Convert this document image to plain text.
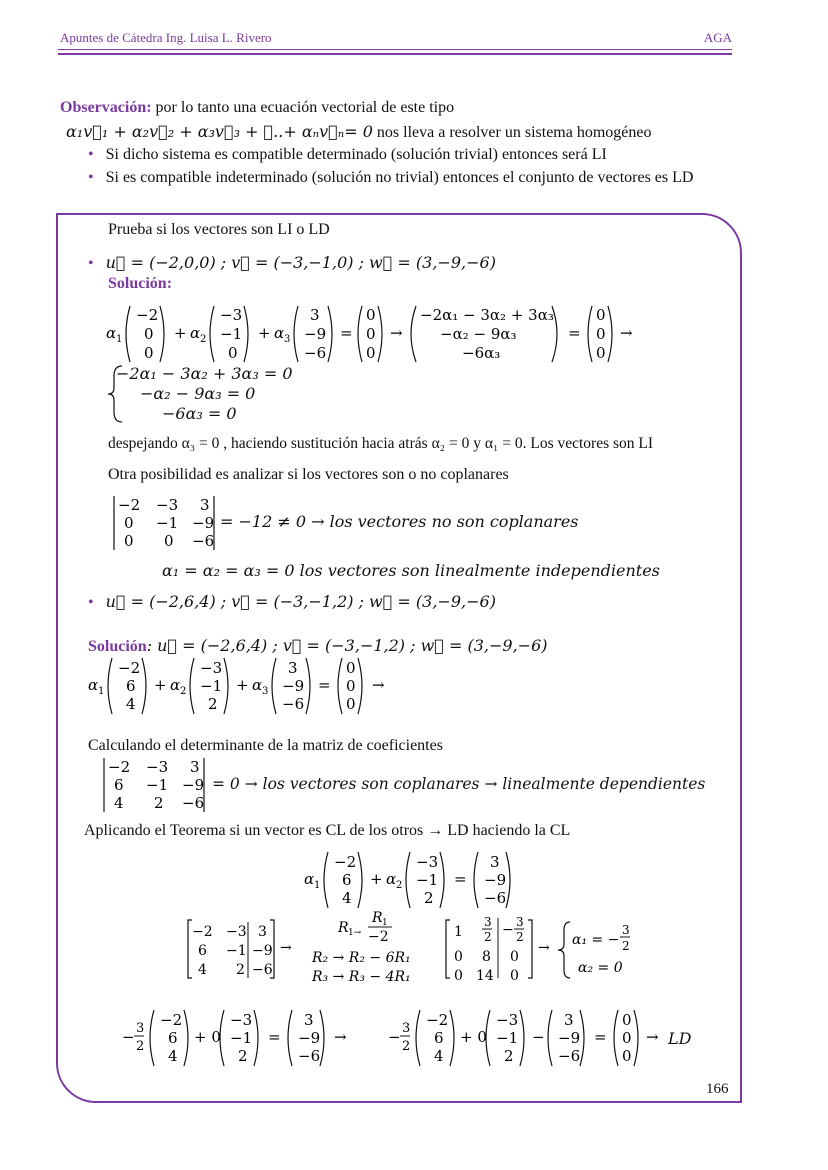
Apuntes de Cátedra Ing. Luisa L. Rivero	AGA
Observación: por lo tanto una ecuación vectorial de este tipo
α₁v⃗₁ + α₂v⃗₂ + α₃v⃗₃ + ⋯..+ αₙv⃗ₙ= 0 nos lleva a resolver un sistema homogéneo
• Si dicho sistema es compatible determinado (solución trivial) entonces será LI
• Si es compatible indeterminado (solución no trivial) entonces el conjunto de vectores es LD
Prueba si los vectores son LI o LD
• u⃗ = (−2,0,0) ; v⃗ = (−3,−1,0) ; w⃗ = (3,−9,−6)
Solución:
α 1
−2
0
0
+ α 2
−3
−1
0
+ α 3
3
−9
−6
=
0
0
0
→
−2α₁ − 3α₂ + 3α₃
−α₂ − 9α₃
−6α₃
=
0
0
0
→
−2α₁ − 3α₂ + 3α₃ = 0
−α₂ − 9α₃ = 0
−6α₃ = 0
despejando α₃ = 0 , haciendo sustitución hacia atrás α₂ = 0 y α₁ = 0. Los vectores son LI
Otra posibilidad es analizar si los vectores son o no coplanares
−2 −3 3
0 −1 −9
0 0 −6
= −12 ≠ 0 → los vectores no son coplanares
α₁ = α₂ = α₃ = 0 los vectores son linealmente independientes
• u⃗ = (−2,6,4) ; v⃗ = (−3,−1,2) ; w⃗ = (3,−9,−6)
Solución: u⃗ = (−2,6,4) ; v⃗ = (−3,−1,2) ; w⃗ = (3,−9,−6)
α 1
−2
6
4
+ α 2
−3
−1
2
+ α 3
3
−9
−6
=
0
0
0
→
Calculando el determinante de la matriz de coeficientes
−2 −3 3
6 −1 −9
4 2 −6
= 0 → los vectores son coplanares → linealmente dependientes
Aplicando el Teorema si un vector es CL de los otros → LD haciendo la CL
α 1
−2
6
4
+ α 2
−3
−1
2
=
3
−9
−6
−2 −3 3
6 −1 −9
4 2 −6
→
R 1→
R 1
−2
R₂ → R₂ − 6R₁
R₃ → R₃ − 4R₁
1
3
2 − 3
2
0 8 0
0 14 0
→ α₁ = −
3
2
α₂ = 0
− 3
2
−2
6
4
+ 0
−3
−1
2
=
3
−9
−6
→	− 3
2
−2
6
4
+ 0
−3
−1
2
−
3
−9
−6
=
0
0
0
→ LD
166
